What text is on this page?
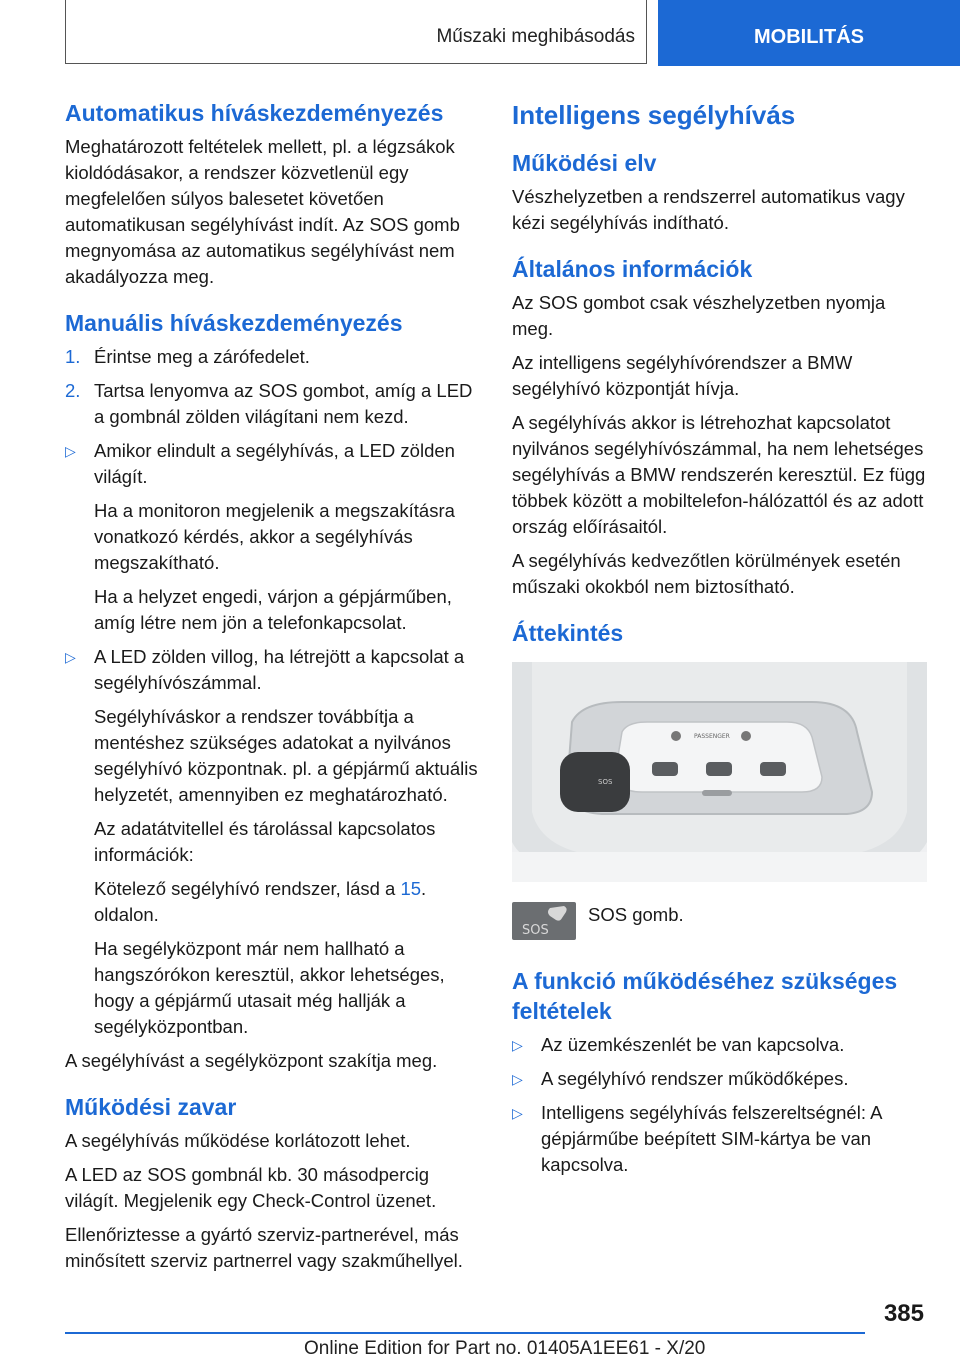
Műszaki meghibásodás	MOBILITÁS
Automatikus híváskezdeményezés

Meghatározott feltételek mellett, pl. a légzsákok kioldódásakor, a rendszer közvetlenül egy megfelelően súlyos balesetet követően automatikusan segélyhívást indít. Az SOS gomb megnyomása az automatikus segélyhívást nem akadályozza meg.

Manuális híváskezdeményezés
1. Érintse meg a zárófedelet.
2. Tartsa lenyomva az SOS gombot, amíg a LED a gombnál zölden világítani nem kezd.
▷ Amikor elindult a segélyhívás, a LED zölden világít.

Ha a monitoron megjelenik a megszakításra vonatkozó kérdés, akkor a segélyhívás megszakítható.

Ha a helyzet engedi, várjon a gépjárműben, amíg létre nem jön a telefonkapcsolat.

▷ A LED zölden villog, ha létrejött a kapcsolat a segélyhívószámmal.

Segélyhíváskor a rendszer továbbítja a mentéshez szükséges adatokat a nyilvános segélyhívó központnak. pl. a gépjármű aktuális helyzetét, amennyiben ez meghatározható.

Az adatátvitellel és tárolással kapcsolatos információk:

Kötelező segélyhívó rendszer, lásd a 15. oldalon.

Ha segélyközpont már nem hallható a hangszórókon keresztül, akkor lehetséges, hogy a gépjármű utasait még hallják a segélyközpontban.

A segélyhívást a segélyközpont szakítja meg.

Működési zavar

A segélyhívás működése korlátozott lehet.

A LED az SOS gombnál kb. 30 másodpercig világít. Megjelenik egy Check-Control üzenet.

Ellenőriztesse a gyártó szerviz-partnerével, más minősített szerviz partnerrel vagy szakműhellyel.

Intelligens segélyhívás
Működési elv

Vészhelyzetben a rendszerrel automatikus vagy kézi segélyhívás indítható.

Általános információk

Az SOS gombot csak vészhelyzetben nyomja meg.

Az intelligens segélyhívórendszer a BMW segélyhívó központját hívja.

A segélyhívás akkor is létrehozhat kapcsolatot nyilvános segélyhívószámmal, ha nem lehetséges segélyhívás a BMW rendszerén keresztül. Ez függ többek között a mobiltelefon-hálózattól és az adott ország előírásaitól.

A segélyhívás kedvezőtlen körülmények esetén műszaki okokból nem biztosítható.

Áttekintés
SOS
PASSENGER
SOS
SOS gomb.
A funkció működéséhez szükséges feltételek
▷ Az üzemkészenlét be van kapcsolva.
▷ A segélyhívó rendszer működőképes.
▷ Intelligens segélyhívás felszereltségnél: A gépjárműbe beépített SIM-kártya be van kapcsolva.
385
Online Edition for Part no. 01405A1EE61 - X/20
